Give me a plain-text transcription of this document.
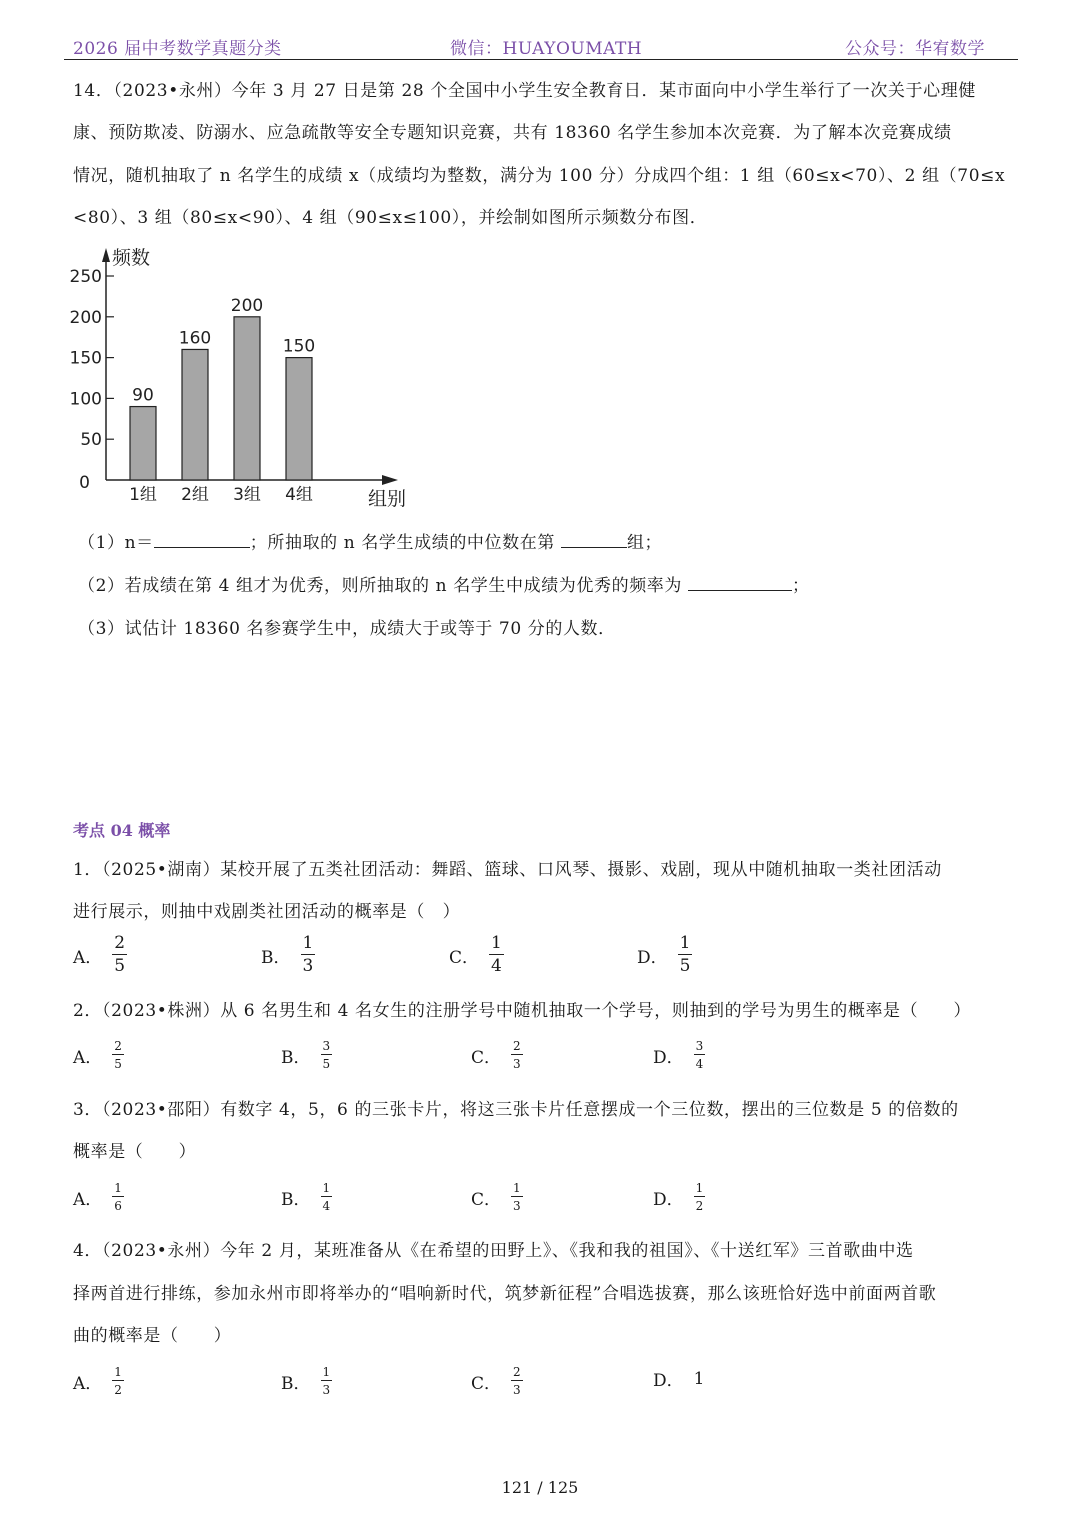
2026 届中考数学真题分类	微信：HUAYOUMATH	公众号：华宥数学
14．（2023•永州）今年 3 月 27 日是第 28 个全国中小学生安全教育日．某市面向中小学生举行了一次关于心理健
康、预防欺凌、防溺水、应急疏散等安全专题知识竞赛，共有 18360 名学生参加本次竞赛．为了解本次竞赛成绩
情况，随机抽取了 n 名学生的成绩 x（成绩均为整数，满分为 100 分）分成四个组：1 组（60≤x<70）、2 组（70≤x
<80）、3 组（80≤x<90）、4 组（90≤x≤100），并绘制如图所示频数分布图．
频数
组别
0
50
100
150
200
250
90
1组
160
2组
200
3组
150
4组
（1）n＝	；所抽取的 n 名学生成绩的中位数在第	组；
（2）若成绩在第 4 组才为优秀，则所抽取的 n 名学生中成绩为优秀的频率为	；
（3）试估计 18360 名参赛学生中，成绩大于或等于 70 分的人数．
考点 04 概率
1．（2025•湖南）某校开展了五类社团活动：舞蹈、篮球、口风琴、摄影、戏剧，现从中随机抽取一类社团活动
进行展示，则抽中戏剧类社团活动的概率是（　）
A． $\frac{2}{5}$	B． $\frac{1}{3}$	C． $\frac{1}{4}$	D． $\frac{1}{5}$
2．（2023•株洲）从 6 名男生和 4 名女生的注册学号中随机抽取一个学号，则抽到的学号为男生的概率是（　　）
A． $\frac{2}{5}$	B． $\frac{3}{5}$	C． $\frac{2}{3}$	D． $\frac{3}{4}$
3．（2023•邵阳）有数字 4，5，6 的三张卡片，将这三张卡片任意摆成一个三位数，摆出的三位数是 5 的倍数的
概率是（　　）
A． $\frac{1}{6}$	B． $\frac{1}{4}$	C． $\frac{1}{3}$	D． $\frac{1}{2}$
4．（2023•永州）今年 2 月，某班准备从《在希望的田野上》、《我和我的祖国》、《十送红军》三首歌曲中选
择两首进行排练，参加永州市即将举办的“唱响新时代，筑梦新征程”合唱选拔赛，那么该班恰好选中前面两首歌
曲的概率是（　　）
A． $\frac{1}{2}$	B． $\frac{1}{3}$	C． $\frac{2}{3}$	D． 1
121 / 125
